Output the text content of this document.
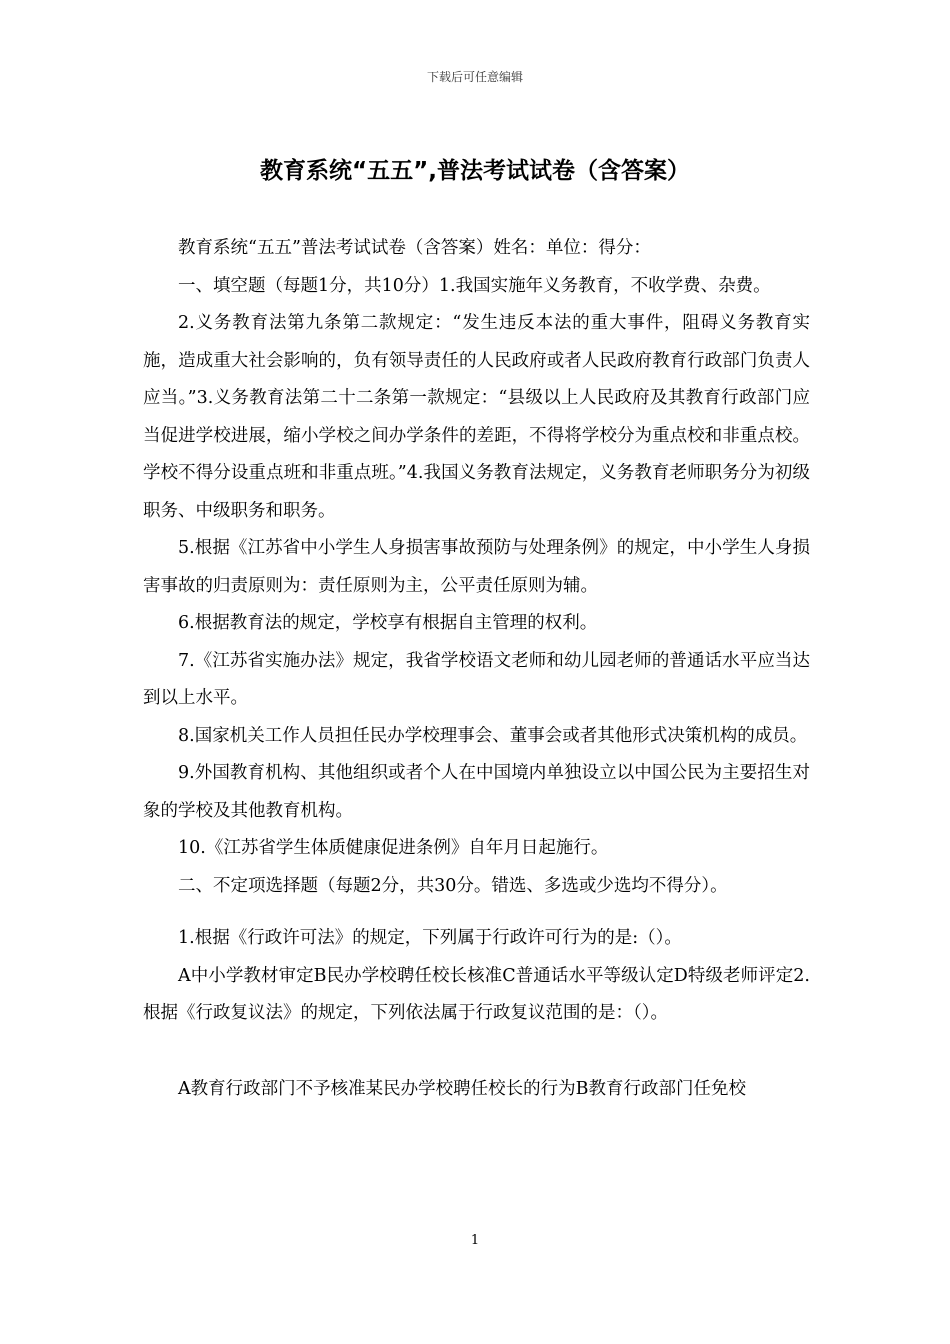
下载后可任意编辑
教育系统“五五”,普法考试试卷（含答案）

教育系统“五五”普法考试试卷（含答案）姓名：单位：得分：

一、填空题（每题1分，共10分）1.我国实施年义务教育，不收学费、杂费。

2.义务教育法第九条第二款规定：“发生违反本法的重大事件，阻碍义务教育实施，造成重大社会影响的，负有领导责任的人民政府或者人民政府教育行政部门负责人应当。”3.义务教育法第二十二条第一款规定：“县级以上人民政府及其教育行政部门应当促进学校进展，缩小学校之间办学条件的差距，不得将学校分为重点校和非重点校。学校不得分设重点班和非重点班。”4.我国义务教育法规定，义务教育老师职务分为初级职务、中级职务和职务。

5.根据《江苏省中小学生人身损害事故预防与处理条例》的规定，中小学生人身损害事故的归责原则为：责任原则为主，公平责任原则为辅。

6.根据教育法的规定，学校享有根据自主管理的权利。

7.《江苏省实施办法》规定，我省学校语文老师和幼儿园老师的普通话水平应当达到以上水平。

8.国家机关工作人员担任民办学校理事会、董事会或者其他形式决策机构的成员。

9.外国教育机构、其他组织或者个人在中国境内单独设立以中国公民为主要招生对象的学校及其他教育机构。

10.《江苏省学生体质健康促进条例》自年月日起施行。

二、不定项选择题（每题2分，共30分。错选、多选或少选均不得分）。

1.根据《行政许可法》的规定，下列属于行政许可行为的是:（）。

A中小学教材审定B民办学校聘任校长核准C普通话水平等级认定D特级老师评定2.根据《行政复议法》的规定，下列依法属于行政复议范围的是：（）。

A教育行政部门不予核准某民办学校聘任校长的行为B教育行政部门任免校

1
